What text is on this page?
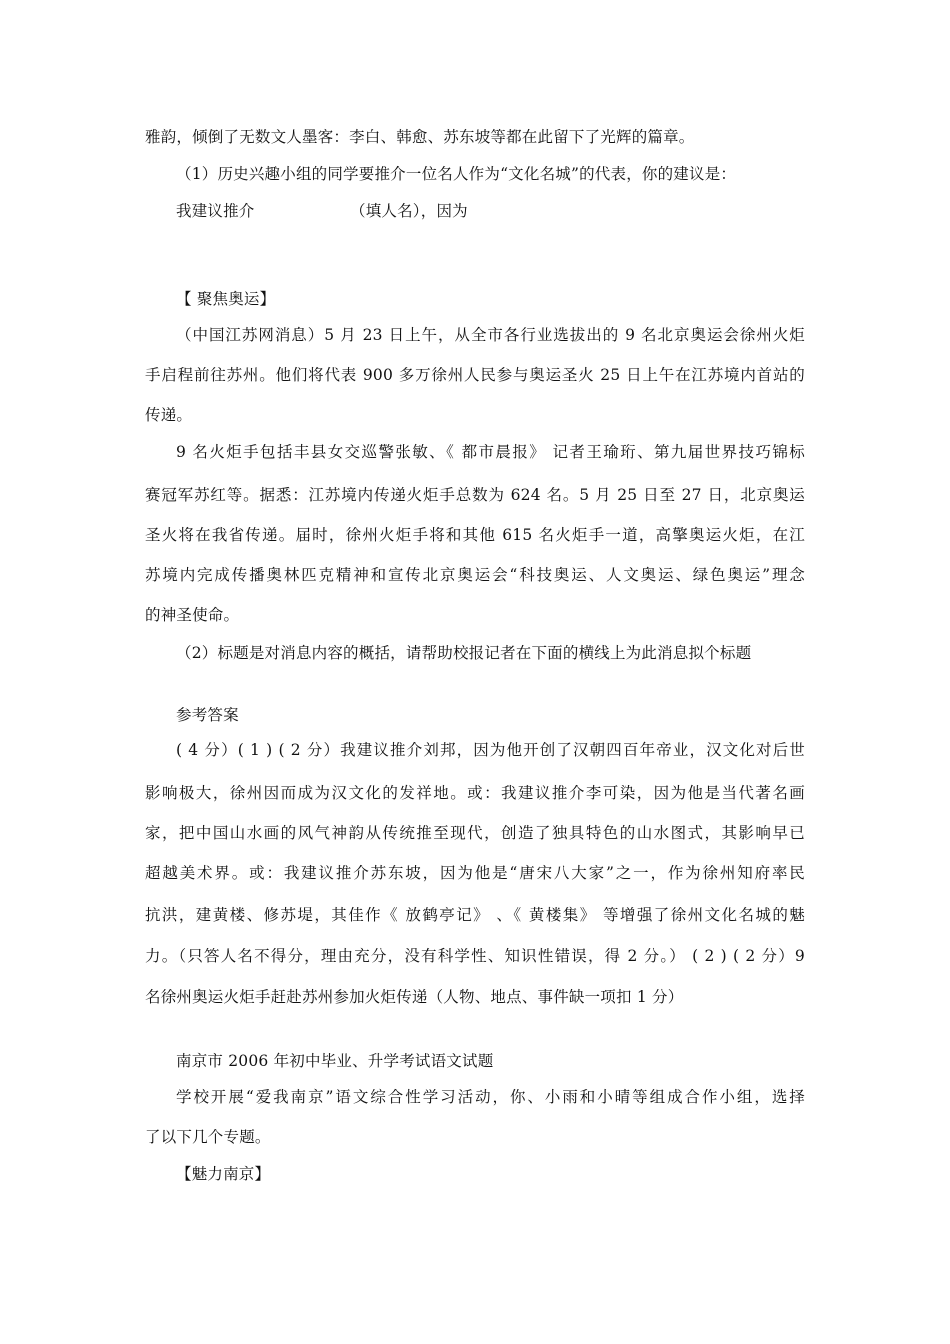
雅韵，倾倒了无数文人墨客：李白、韩愈、苏东坡等都在此留下了光辉的篇章。
（1）历史兴趣小组的同学要推介一位名人作为“文化名城”的代表，你的建议是：
我建议推介	（填人名），因为
【 聚焦奥运】
（中国江苏网消息）5 月 23 日上午，从全市各行业选拔出的 9 名北京奥运会徐州火炬
手启程前往苏州。他们将代表 900 多万徐州人民参与奥运圣火 25 日上午在江苏境内首站的
传递。
9 名火炬手包括丰县女交巡警张敏、《 都市晨报》 记者王瑜珩、第九届世界技巧锦标
赛冠军苏红等。据悉：江苏境内传递火炬手总数为 624 名。5 月 25 日至 27 日，北京奥运
圣火将在我省传递。届时，徐州火炬手将和其他 615 名火炬手一道，高擎奥运火炬，在江
苏境内完成传播奥林匹克精神和宣传北京奥运会“科技奥运、人文奥运、绿色奥运”理念
的神圣使命。
（2）标题是对消息内容的概括，请帮助校报记者在下面的横线上为此消息拟个标题
参考答案
( 4 分）( 1 ) ( 2 分）我建议推介刘邦，因为他开创了汉朝四百年帝业，汉文化对后世
影响极大，徐州因而成为汉文化的发祥地。或：我建议推介李可染，因为他是当代著名画
家，把中国山水画的风气神韵从传统推至现代，创造了独具特色的山水图式，其影响早已
超越美术界。或：我建议推介苏东坡，因为他是“唐宋八大家”之一，作为徐州知府率民
抗洪，建黄楼、修苏堤，其佳作《 放鹤亭记》 、《 黄楼集》 等增强了徐州文化名城的魅
力。（只答人名不得分，理由充分，没有科学性、知识性错误，得 2 分。） ( 2 ) ( 2 分）9
名徐州奥运火炬手赶赴苏州参加火炬传递（人物、地点、事件缺一项扣 1 分）
南京市 2006 年初中毕业、升学考试语文试题
学校开展“爱我南京”语文综合性学习活动，你、小雨和小晴等组成合作小组，选择
了以下几个专题。
【魅力南京】
